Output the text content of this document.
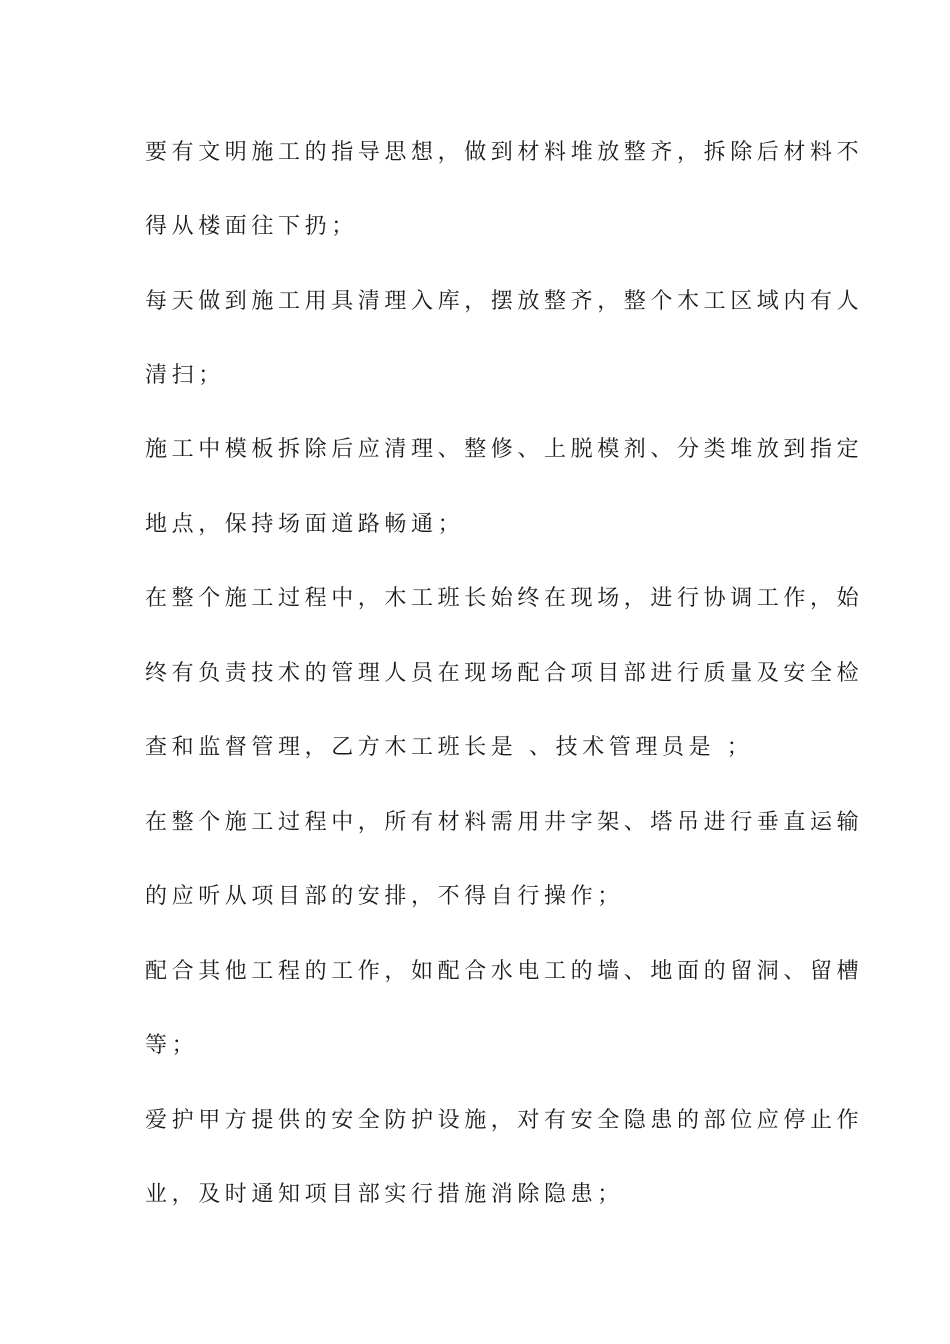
要有文明施工的指导思想，做到材料堆放整齐，拆除后材料不

得从楼面往下扔；

每天做到施工用具清理入库，摆放整齐，整个木工区域内有人

清扫；

施工中模板拆除后应清理、整修、上脱模剂、分类堆放到指定

地点，保持场面道路畅通；

在整个施工过程中，木工班长始终在现场，进行协调工作，始

终有负责技术的管理人员在现场配合项目部进行质量及安全检

查和监督管理，乙方木工班长是 、技术管理员是 ；

在整个施工过程中，所有材料需用井字架、塔吊进行垂直运输

的应听从项目部的安排，不得自行操作；

配合其他工程的工作，如配合水电工的墙、地面的留洞、留槽

等；

爱护甲方提供的安全防护设施，对有安全隐患的部位应停止作

业，及时通知项目部实行措施消除隐患；
